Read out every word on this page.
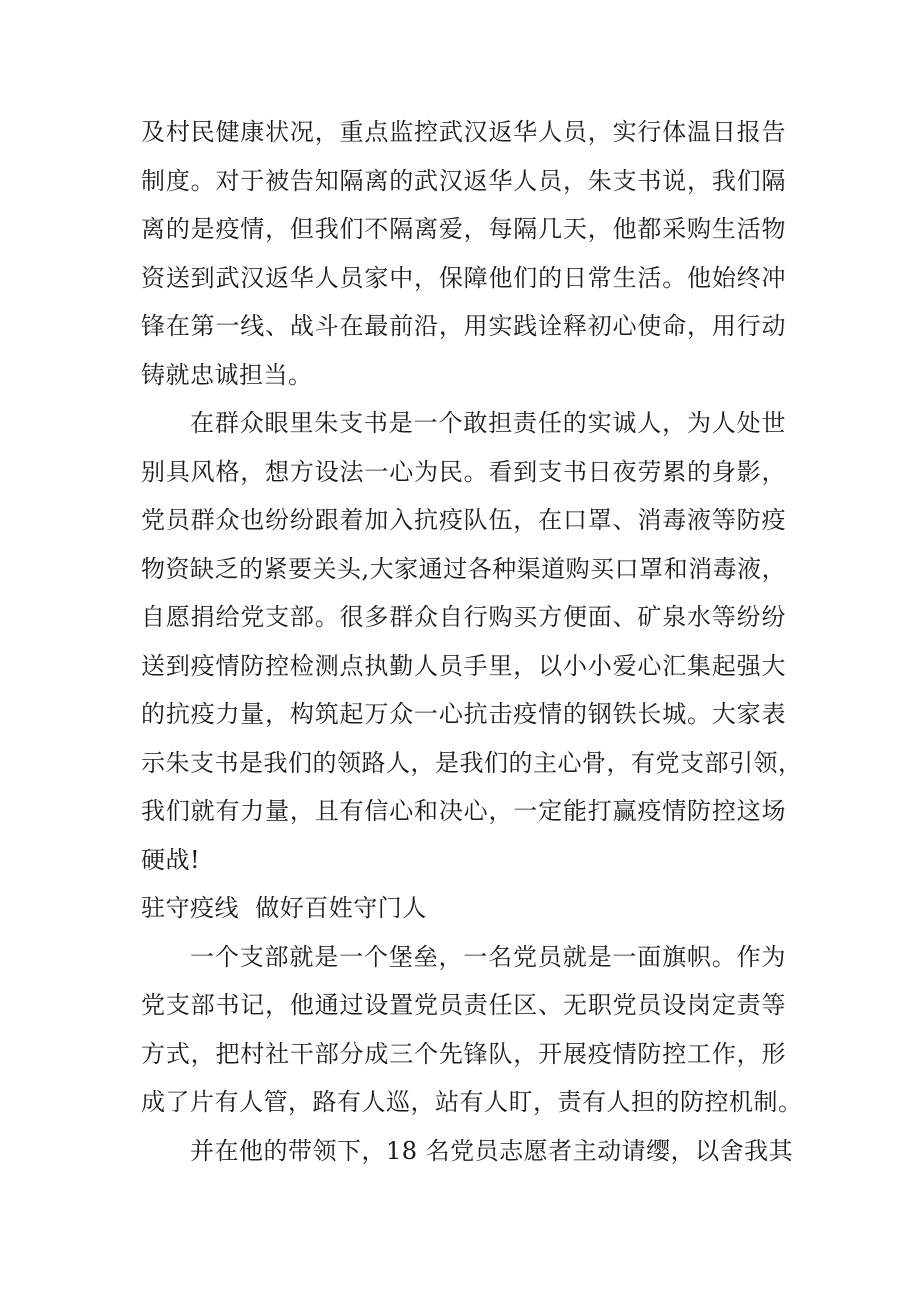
及村民健康状况，重点监控武汉返华人员，实行体温日报告
制度。对于被告知隔离的武汉返华人员，朱支书说，我们隔
离的是疫情，但我们不隔离爱，每隔几天，他都采购生活物
资送到武汉返华人员家中，保障他们的日常生活。他始终冲
锋在第一线、战斗在最前沿，用实践诠释初心使命，用行动
铸就忠诚担当。

在群众眼里朱支书是一个敢担责任的实诚人，为人处世
别具风格，想方设法一心为民。看到支书日夜劳累的身影，
党员群众也纷纷跟着加入抗疫队伍，在口罩、消毒液等防疫
物资缺乏的紧要关头,大家通过各种渠道购买口罩和消毒液，
自愿捐给党支部。很多群众自行购买方便面、矿泉水等纷纷
送到疫情防控检测点执勤人员手里，以小小爱心汇集起强大
的抗疫力量，构筑起万众一心抗击疫情的钢铁长城。大家表
示朱支书是我们的领路人，是我们的主心骨，有党支部引领，
我们就有力量，且有信心和决心，一定能打赢疫情防控这场
硬战!

驻守疫线  做好百姓守门人

一个支部就是一个堡垒，一名党员就是一面旗帜。作为
党支部书记，他通过设置党员责任区、无职党员设岗定责等
方式，把村社干部分成三个先锋队，开展疫情防控工作，形
成了片有人管，路有人巡，站有人盯，责有人担的防控机制。

并在他的带领下，18 名党员志愿者主动请缨，以舍我其
